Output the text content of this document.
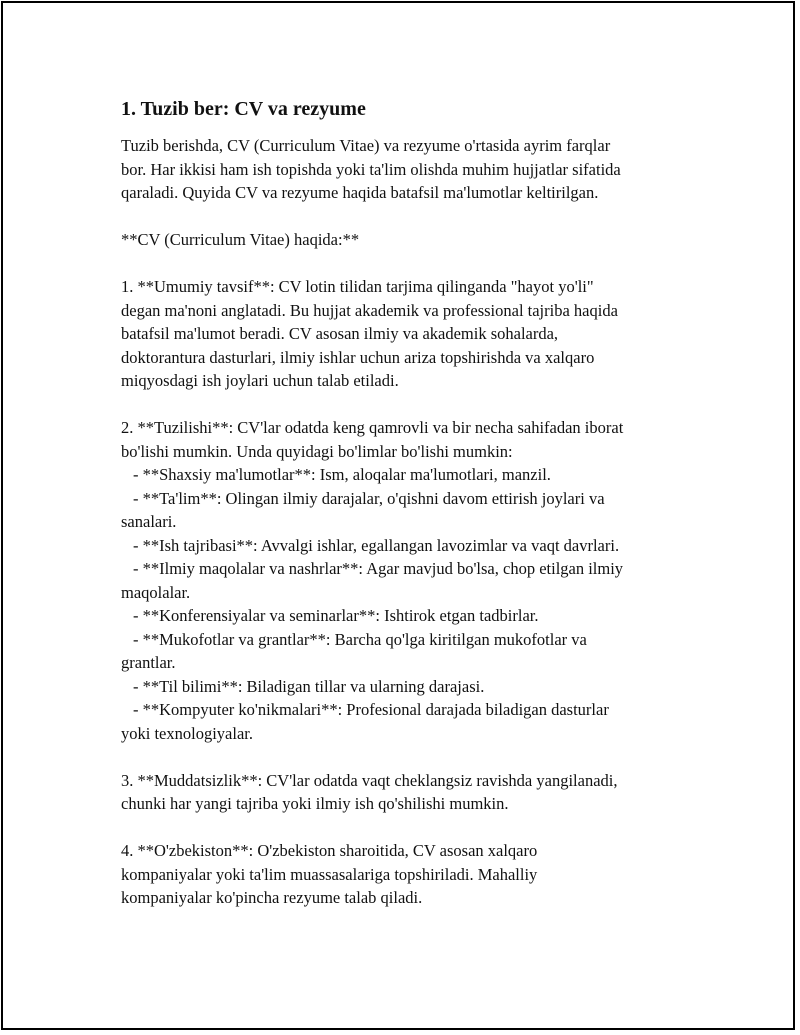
1. Tuzib ber: CV va rezyume

Tuzib berishda, CV (Curriculum Vitae) va rezyume o'rtasida ayrim farqlar

bor. Har ikkisi ham ish topishda yoki ta'lim olishda muhim hujjatlar sifatida

qaraladi. Quyida CV va rezyume haqida batafsil ma'lumotlar keltirilgan.

**CV (Curriculum Vitae) haqida:**

1. **Umumiy tavsif**: CV lotin tilidan tarjima qilinganda "hayot yo'li"

degan ma'noni anglatadi. Bu hujjat akademik va professional tajriba haqida

batafsil ma'lumot beradi. CV asosan ilmiy va akademik sohalarda,

doktorantura dasturlari, ilmiy ishlar uchun ariza topshirishda va xalqaro

miqyosdagi ish joylari uchun talab etiladi.

2. **Tuzilishi**: CV'lar odatda keng qamrovli va bir necha sahifadan iborat

bo'lishi mumkin. Unda quyidagi bo'limlar bo'lishi mumkin:

- **Shaxsiy ma'lumotlar**: Ism, aloqalar ma'lumotlari, manzil.

- **Ta'lim**: Olingan ilmiy darajalar, o'qishni davom ettirish joylari va

sanalari.

- **Ish tajribasi**: Avvalgi ishlar, egallangan lavozimlar va vaqt davrlari.

- **Ilmiy maqolalar va nashrlar**: Agar mavjud bo'lsa, chop etilgan ilmiy

maqolalar.

- **Konferensiyalar va seminarlar**: Ishtirok etgan tadbirlar.

- **Mukofotlar va grantlar**: Barcha qo'lga kiritilgan mukofotlar va

grantlar.

- **Til bilimi**: Biladigan tillar va ularning darajasi.

- **Kompyuter ko'nikmalari**: Profesional darajada biladigan dasturlar

yoki texnologiyalar.

3. **Muddatsizlik**: CV'lar odatda vaqt cheklangsiz ravishda yangilanadi,

chunki har yangi tajriba yoki ilmiy ish qo'shilishi mumkin.

4. **O'zbekiston**: O'zbekiston sharoitida, CV asosan xalqaro

kompaniyalar yoki ta'lim muassasalariga topshiriladi. Mahalliy

kompaniyalar ko'pincha rezyume talab qiladi.
